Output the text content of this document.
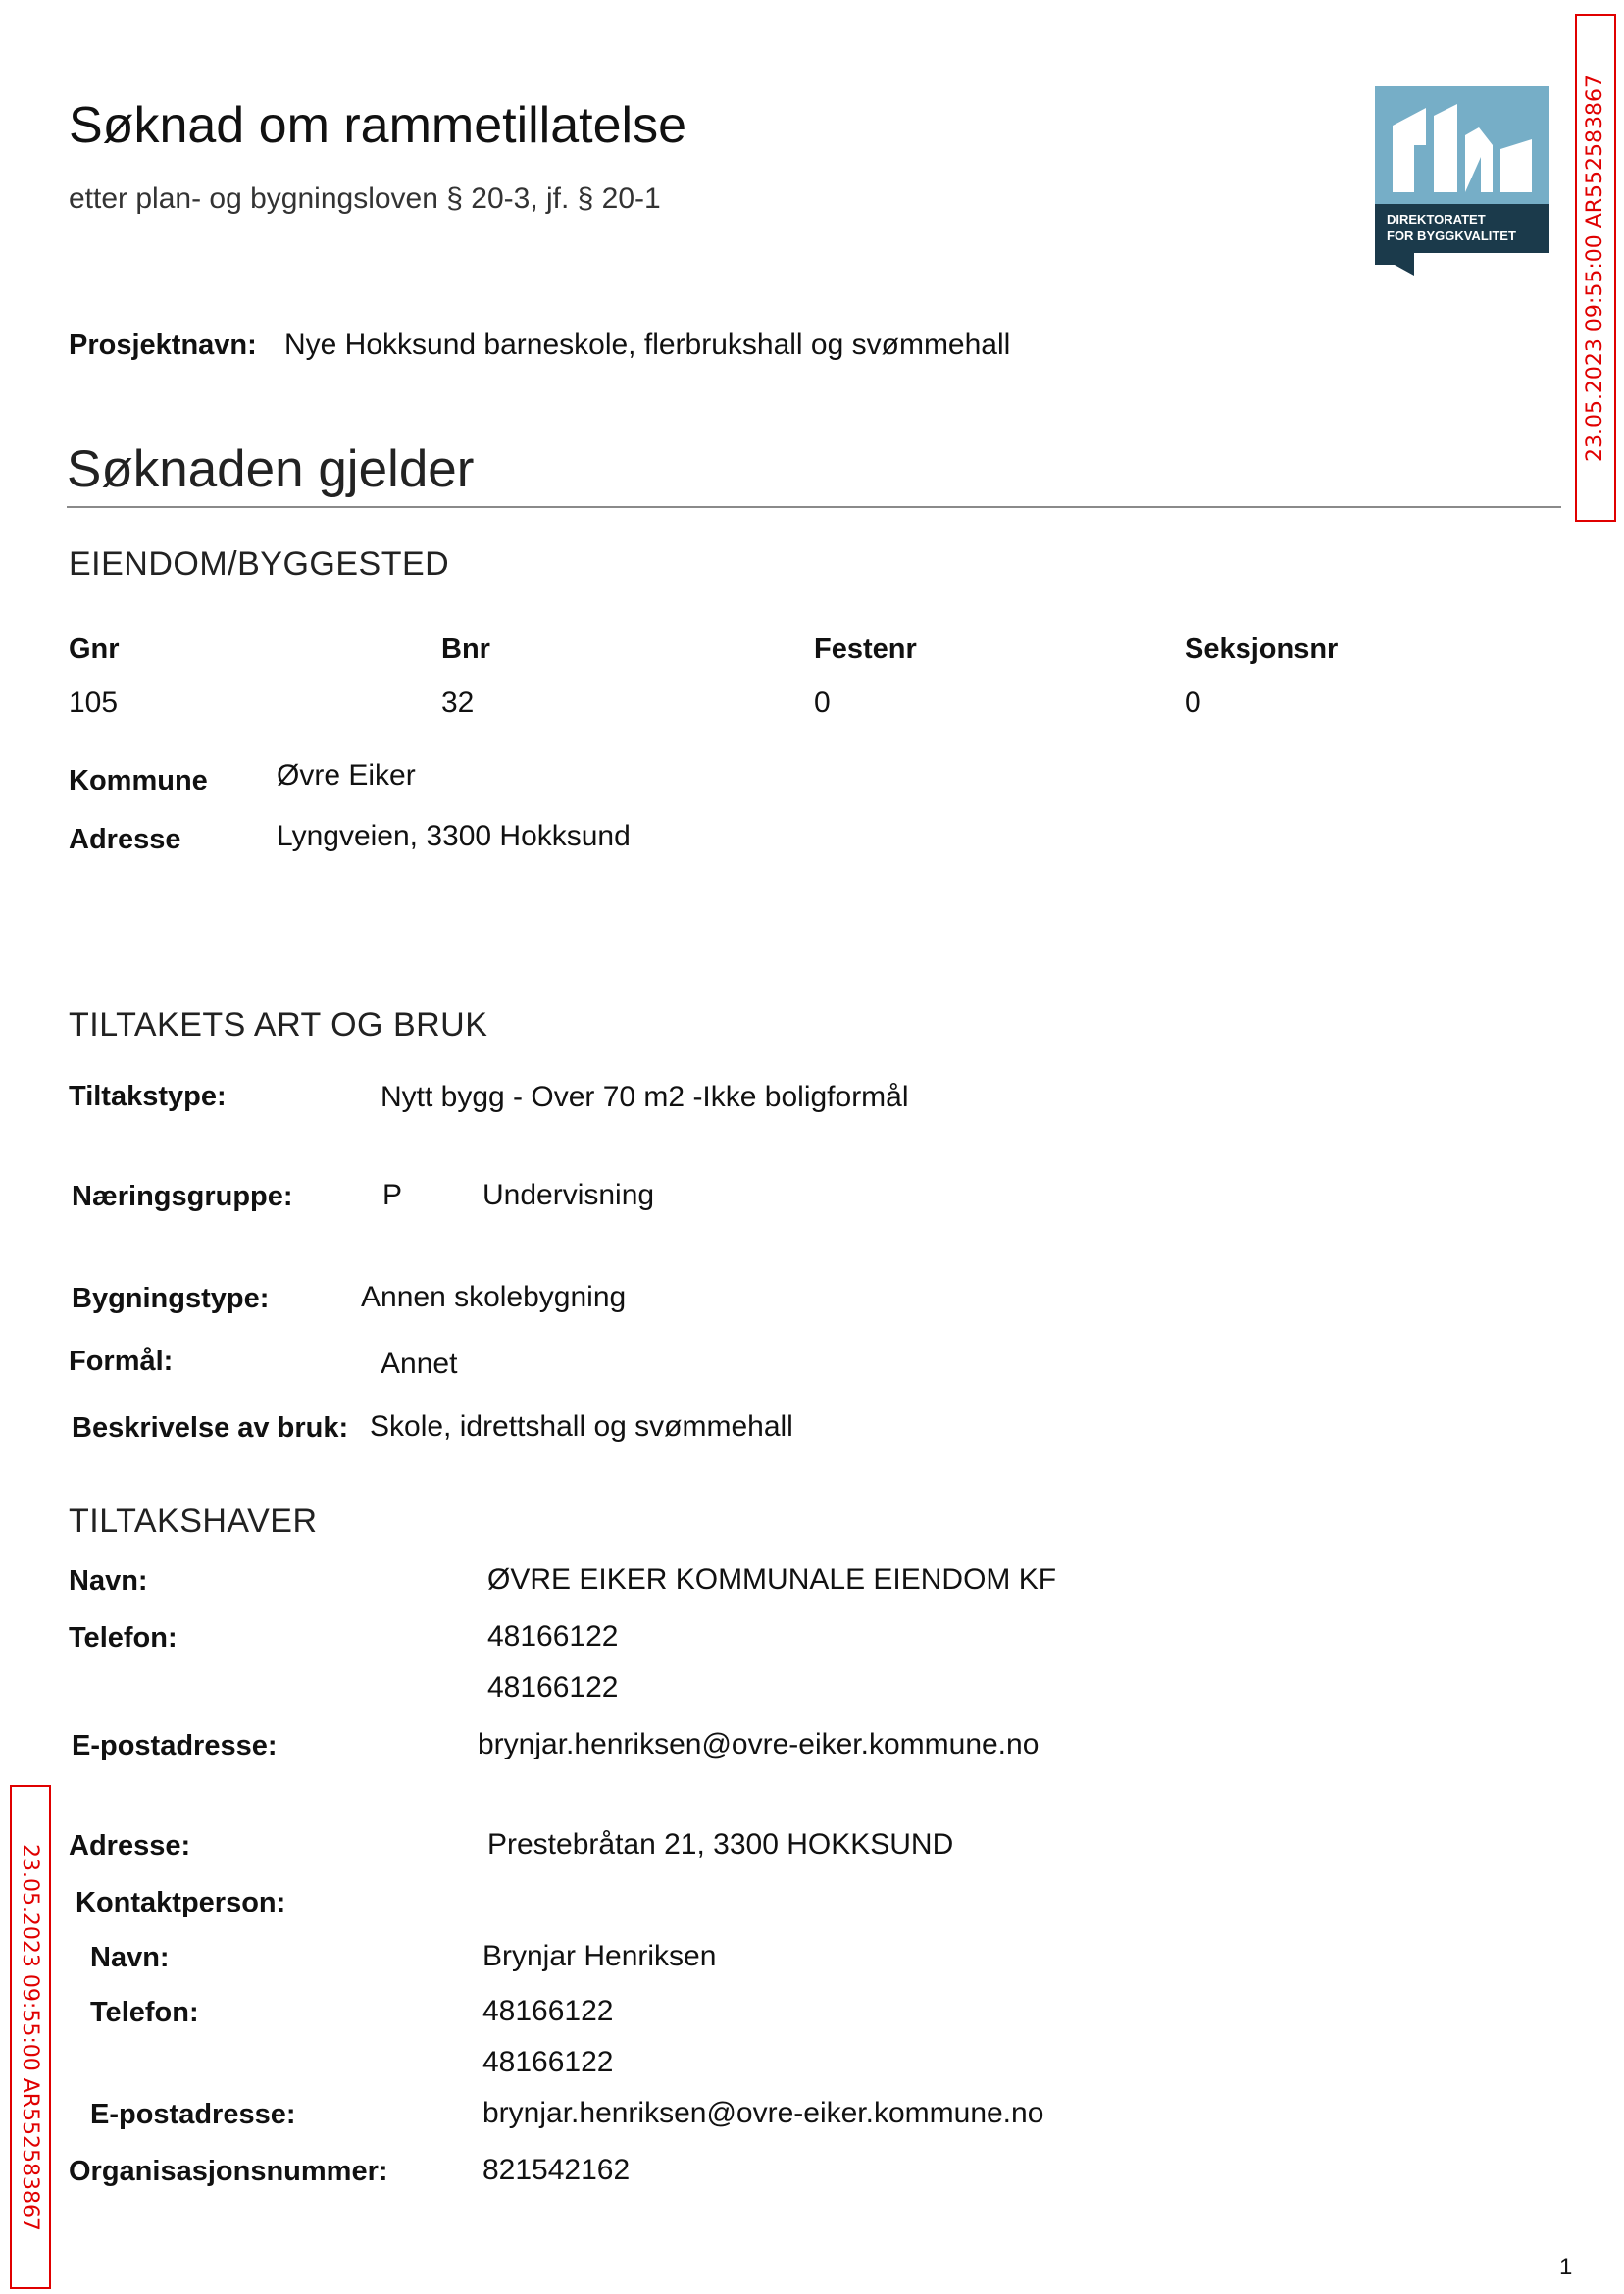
Søknad om rammetillatelse
etter plan- og bygningsloven § 20-3, jf. § 20-1
DIREKTORATET
FOR BYGGKVALITET
Prosjektnavn: Nye Hokksund barneskole, flerbrukshall og svømmehall
Søknaden gjelder
EIENDOM/BYGGESTED
Gnr	Bnr	Festenr	Seksjonsnr
105	32	0	0
Kommune Øvre Eiker
Adresse	Lyngveien, 3300 Hokksund
TILTAKETS ART OG BRUK
Tiltakstype:	Nytt bygg - Over 70 m2 -Ikke boligformål
Næringsgruppe:	P	Undervisning
Bygningstype:	Annen skolebygning
Formål:	Annet
Beskrivelse av bruk: Skole, idrettshall og svømmehall
TILTAKSHAVER
Navn:	ØVRE EIKER KOMMUNALE EIENDOM KF
Telefon:	48166122
48166122
E-postadresse:	brynjar.henriksen@ovre-eiker.kommune.no
Adresse:	Prestebråtan 21, 3300 HOKKSUND
Kontaktperson:
Navn:	Brynjar Henriksen
Telefon:	48166122
48166122
E-postadresse:	brynjar.henriksen@ovre-eiker.kommune.no
Organisasjonsnummer:	821542162
23.05.2023 09:55:00 AR552583867
23.05.2023 09:55:00 AR552583867
1
